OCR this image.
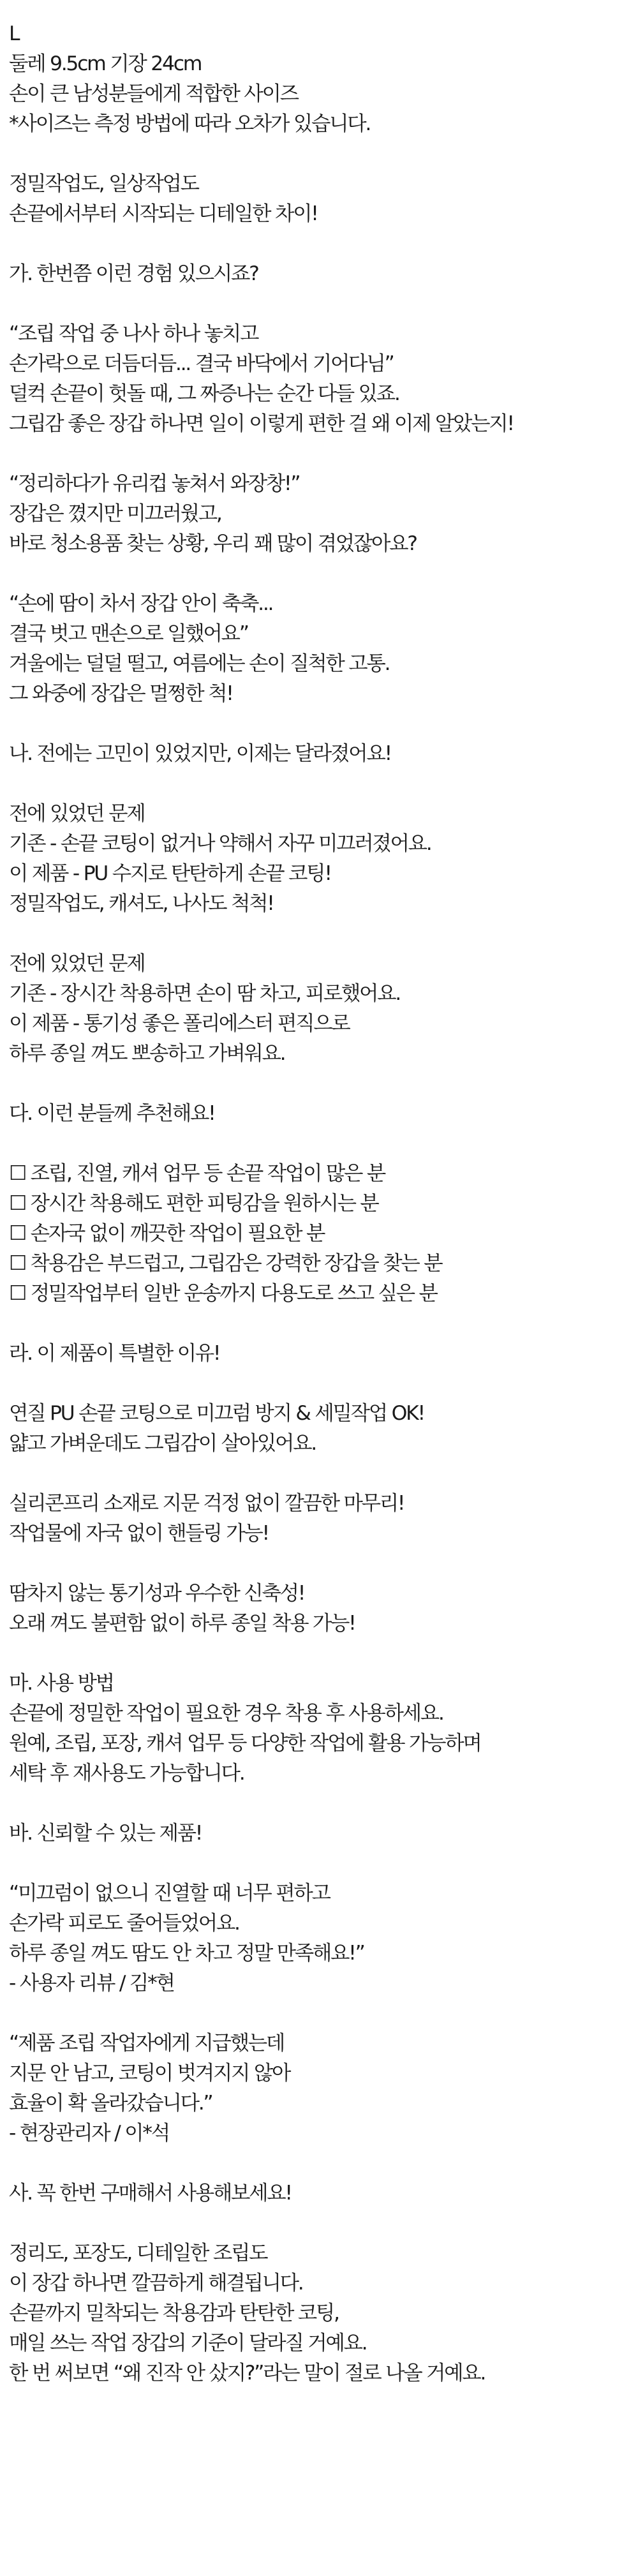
L
둘레 9.5cm 기장 24cm
손이 큰 남성분들에게 적합한 사이즈
*사이즈는 측정 방법에 따라 오차가 있습니다.
정밀작업도, 일상작업도
손끝에서부터 시작되는 디테일한 차이!
가. 한번쯤 이런 경험 있으시죠?
“조립 작업 중 나사 하나 놓치고
손가락으로 더듬더듬... 결국 바닥에서 기어다님”
덜컥 손끝이 헛돌 때, 그 짜증나는 순간 다들 있죠.
그립감 좋은 장갑 하나면 일이 이렇게 편한 걸 왜 이제 알았는지!
“정리하다가 유리컵 놓쳐서 와장창!”
장갑은 꼈지만 미끄러웠고,
바로 청소용품 찾는 상황, 우리 꽤 많이 겪었잖아요?
“손에 땀이 차서 장갑 안이 축축...
결국 벗고 맨손으로 일했어요”
겨울에는 덜덜 떨고, 여름에는 손이 질척한 고통.
그 와중에 장갑은 멀쩡한 척!
나. 전에는 고민이 있었지만, 이제는 달라졌어요!
전에 있었던 문제
기존 - 손끝 코팅이 없거나 약해서 자꾸 미끄러졌어요.
이 제품 - PU 수지로 탄탄하게 손끝 코팅!
정밀작업도, 캐셔도, 나사도 척척!
전에 있었던 문제
기존 - 장시간 착용하면 손이 땀 차고, 피로했어요.
이 제품 - 통기성 좋은 폴리에스터 편직으로
하루 종일 껴도 뽀송하고 가벼워요.
다. 이런 분들께 추천해요!
☐ 조립, 진열, 캐셔 업무 등 손끝 작업이 많은 분
☐ 장시간 착용해도 편한 피팅감을 원하시는 분
☐ 손자국 없이 깨끗한 작업이 필요한 분
☐ 착용감은 부드럽고, 그립감은 강력한 장갑을 찾는 분
☐ 정밀작업부터 일반 운송까지 다용도로 쓰고 싶은 분
라. 이 제품이 특별한 이유!
연질 PU 손끝 코팅으로 미끄럼 방지 & 세밀작업 OK!
얇고 가벼운데도 그립감이 살아있어요.
실리콘프리 소재로 지문 걱정 없이 깔끔한 마무리!
작업물에 자국 없이 핸들링 가능!
땀차지 않는 통기성과 우수한 신축성!
오래 껴도 불편함 없이 하루 종일 착용 가능!
마. 사용 방법
손끝에 정밀한 작업이 필요한 경우 착용 후 사용하세요.
원예, 조립, 포장, 캐셔 업무 등 다양한 작업에 활용 가능하며
세탁 후 재사용도 가능합니다.
바. 신뢰할 수 있는 제품!
“미끄럼이 없으니 진열할 때 너무 편하고
손가락 피로도 줄어들었어요.
하루 종일 껴도 땀도 안 차고 정말 만족해요!”
- 사용자 리뷰 / 김*현
“제품 조립 작업자에게 지급했는데
지문 안 남고, 코팅이 벗겨지지 않아
효율이 확 올라갔습니다.”
- 현장관리자 / 이*석
사. 꼭 한번 구매해서 사용해보세요!
정리도, 포장도, 디테일한 조립도
이 장갑 하나면 깔끔하게 해결됩니다.
손끝까지 밀착되는 착용감과 탄탄한 코팅,
매일 쓰는 작업 장갑의 기준이 달라질 거예요.
한 번 써보면 “왜 진작 안 샀지?”라는 말이 절로 나올 거예요.
